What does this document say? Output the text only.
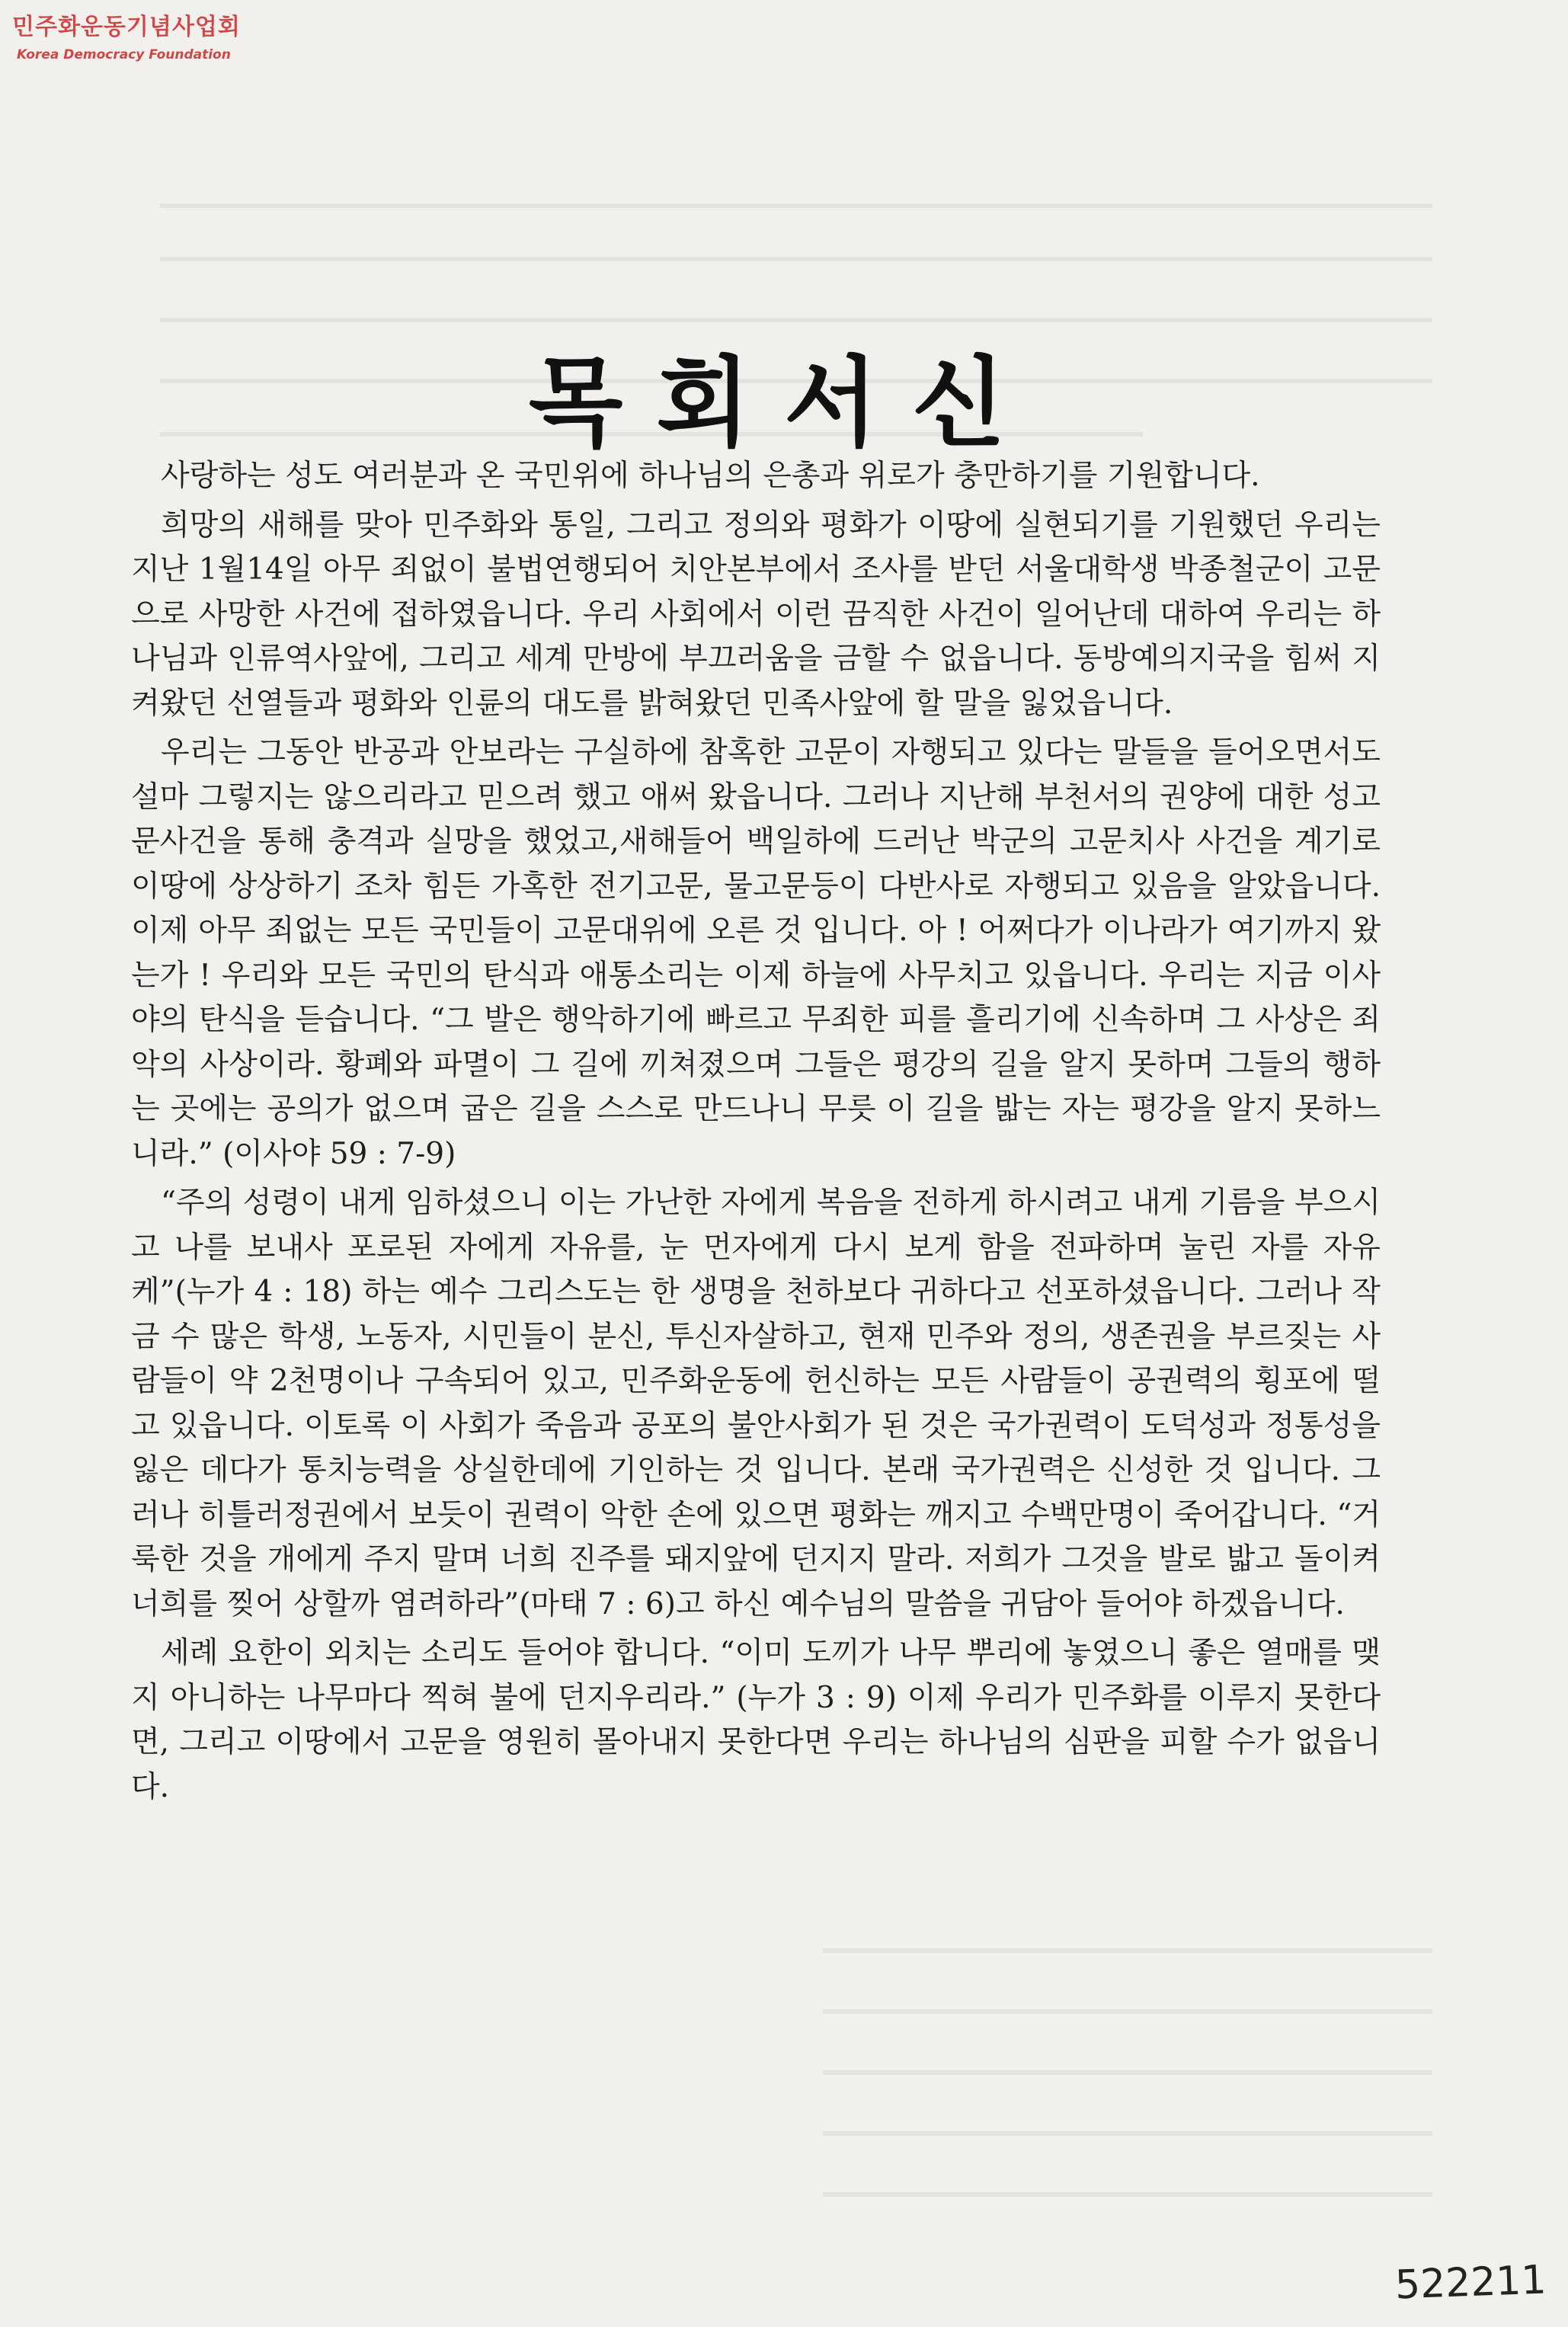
민주화운동기념사업회
Korea Democracy Foundation
목회서신

사랑하는 성도 여러분과 온 국민위에 하나님의 은총과 위로가 충만하기를 기원합니다.

희망의 새해를 맞아 민주화와 통일, 그리고 정의와 평화가 이땅에 실현되기를 기원했던 우리는 지난 1월14일 아무 죄없이 불법연행되어 치안본부에서 조사를 받던 서울대학생 박종철군이 고문으로 사망한 사건에 접하였읍니다. 우리 사회에서 이런 끔직한 사건이 일어난데 대하여 우리는 하나님과 인류역사앞에, 그리고 세계 만방에 부끄러움을 금할 수 없읍니다. 동방예의지국을 힘써 지켜왔던 선열들과 평화와 인륜의 대도를 밝혀왔던 민족사앞에 할 말을 잃었읍니다.

우리는 그동안 반공과 안보라는 구실하에 참혹한 고문이 자행되고 있다는 말들을 들어오면서도 설마 그렇지는 않으리라고 믿으려 했고 애써 왔읍니다. 그러나 지난해 부천서의 권양에 대한 성고문사건을 통해 충격과 실망을 했었고,새해들어 백일하에 드러난 박군의 고문치사 사건을 계기로 이땅에 상상하기 조차 힘든 가혹한 전기고문, 물고문등이 다반사로 자행되고 있음을 알았읍니다. 이제 아무 죄없는 모든 국민들이 고문대위에 오른 것 입니다. 아 ! 어쩌다가 이나라가 여기까지 왔는가 ! 우리와 모든 국민의 탄식과 애통소리는 이제 하늘에 사무치고 있읍니다. 우리는 지금 이사야의 탄식을 듣습니다. “그 발은 행악하기에 빠르고 무죄한 피를 흘리기에 신속하며 그 사상은 죄악의 사상이라. 황폐와 파멸이 그 길에 끼쳐졌으며 그들은 평강의 길을 알지 못하며 그들의 행하는 곳에는 공의가 없으며 굽은 길을 스스로 만드나니 무릇 이 길을 밟는 자는 평강을 알지 못하느니라.” (이사야 59 : 7-9)

“주의 성령이 내게 임하셨으니 이는 가난한 자에게 복음을 전하게 하시려고 내게 기름을 부으시고 나를 보내사 포로된 자에게 자유를, 눈 먼자에게 다시 보게 함을 전파하며 눌린 자를 자유케”(누가 4 : 18) 하는 예수 그리스도는 한 생명을 천하보다 귀하다고 선포하셨읍니다. 그러나 작금 수 많은 학생, 노동자, 시민들이 분신, 투신자살하고, 현재 민주와 정의, 생존권을 부르짖는 사람들이 약 2천명이나 구속되어 있고, 민주화운동에 헌신하는 모든 사람들이 공권력의 횡포에 떨고 있읍니다. 이토록 이 사회가 죽음과 공포의 불안사회가 된 것은 국가권력이 도덕성과 정통성을 잃은 데다가 통치능력을 상실한데에 기인하는 것 입니다. 본래 국가권력은 신성한 것 입니다. 그러나 히틀러정권에서 보듯이 권력이 악한 손에 있으면 평화는 깨지고 수백만명이 죽어갑니다. “거룩한 것을 개에게 주지 말며 너희 진주를 돼지앞에 던지지 말라. 저희가 그것을 발로 밟고 돌이켜 너희를 찢어 상할까 염려하라”(마태 7 : 6)고 하신 예수님의 말씀을 귀담아 들어야 하겠읍니다.

세례 요한이 외치는 소리도 들어야 합니다. “이미 도끼가 나무 뿌리에 놓였으니 좋은 열매를 맺지 아니하는 나무마다 찍혀 불에 던지우리라.” (누가 3 : 9) 이제 우리가 민주화를 이루지 못한다면, 그리고 이땅에서 고문을 영원히 몰아내지 못한다면 우리는 하나님의 심판을 피할 수가 없읍니다.

522211
